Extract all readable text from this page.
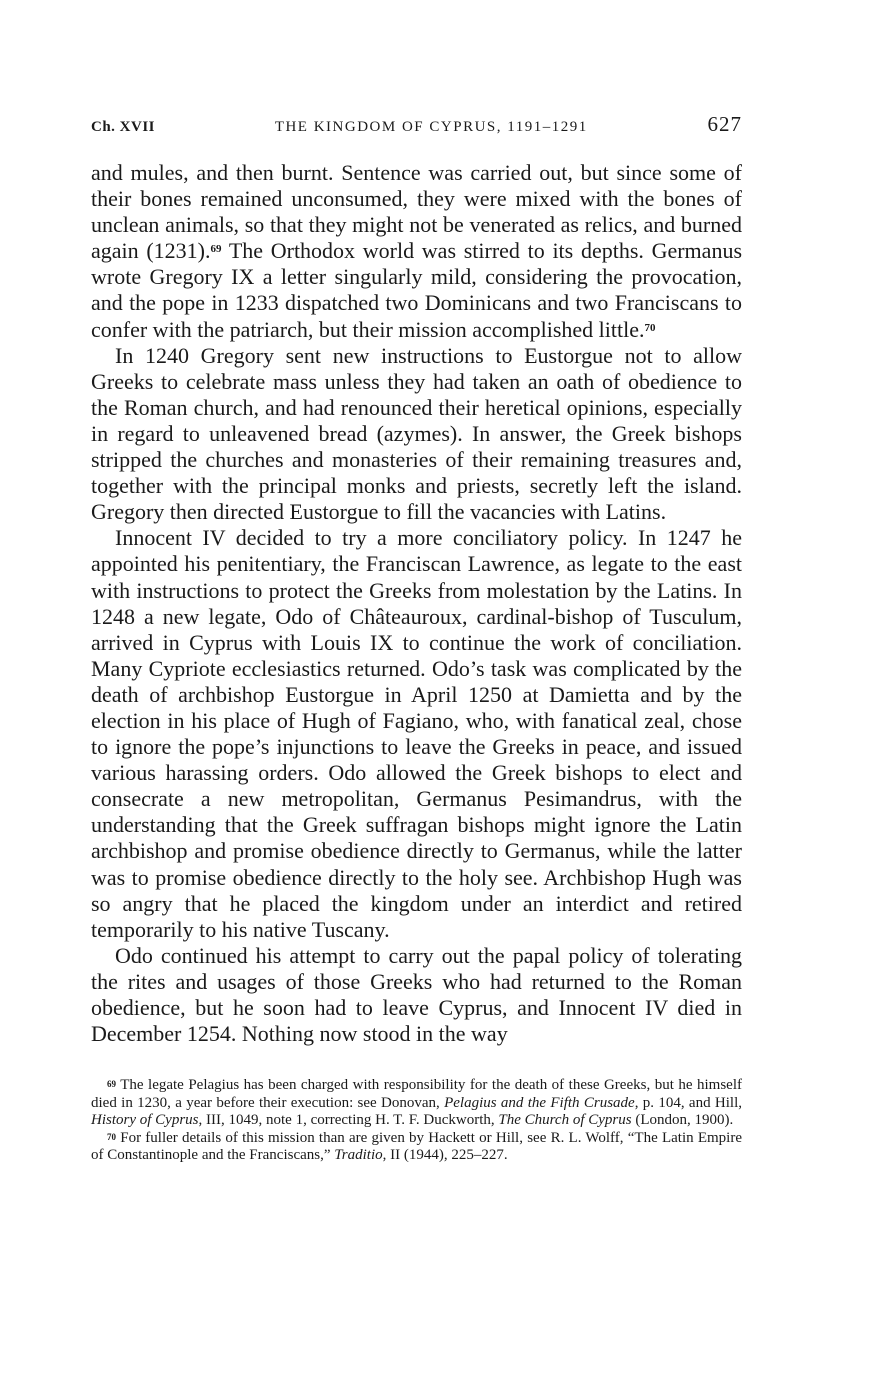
Ch. XVII	THE KINGDOM OF CYPRUS, 1191–1291	627

and mules, and then burnt. Sentence was carried out, but since some of their bones remained unconsumed, they were mixed with the bones of unclean animals, so that they might not be venerated as relics, and burned again (1231).$^{69}$ The Orthodox world was stirred to its depths. Germanus wrote Gregory IX a letter singularly mild, considering the provocation, and the pope in 1233 dispatched two Dominicans and two Franciscans to confer with the patriarch, but their mission accomplished little.$^{70}$

In 1240 Gregory sent new instructions to Eustorgue not to allow Greeks to celebrate mass unless they had taken an oath of obedience to the Roman church, and had renounced their heretical opinions, especially in regard to unleavened bread (azymes). In answer, the Greek bishops stripped the churches and monasteries of their remaining treasures and, together with the principal monks and priests, secretly left the island. Gregory then directed Eustorgue to fill the vacancies with Latins.

Innocent IV decided to try a more conciliatory policy. In 1247 he appointed his penitentiary, the Franciscan Lawrence, as legate to the east with instructions to protect the Greeks from molestation by the Latins. In 1248 a new legate, Odo of Châteauroux, cardinal-bishop of Tusculum, arrived in Cyprus with Louis IX to continue the work of conciliation. Many Cypriote ecclesiastics returned. Odo’s task was complicated by the death of archbishop Eustorgue in April 1250 at Damietta and by the election in his place of Hugh of Fagiano, who, with fanatical zeal, chose to ignore the pope’s injunctions to leave the Greeks in peace, and issued various harassing orders. Odo allowed the Greek bishops to elect and consecrate a new metropolitan, Germanus Pesimandrus, with the understanding that the Greek suffragan bishops might ignore the Latin archbishop and promise obedience directly to Germanus, while the latter was to promise obedience directly to the holy see. Archbishop Hugh was so angry that he placed the kingdom under an interdict and retired temporarily to his native Tuscany.

Odo continued his attempt to carry out the papal policy of tolerating the rites and usages of those Greeks who had returned to the Roman obedience, but he soon had to leave Cyprus, and Innocent IV died in December 1254. Nothing now stood in the way

$^{69}$ The legate Pelagius has been charged with responsibility for the death of these Greeks, but he himself died in 1230, a year before their execution: see Donovan, Pelagius and the Fifth Crusade, p. 104, and Hill, History of Cyprus, III, 1049, note 1, correcting H. T. F. Duckworth, The Church of Cyprus (London, 1900).

$^{70}$ For fuller details of this mission than are given by Hackett or Hill, see R. L. Wolff, “The Latin Empire of Constantinople and the Franciscans,” Traditio, II (1944), 225–227.
